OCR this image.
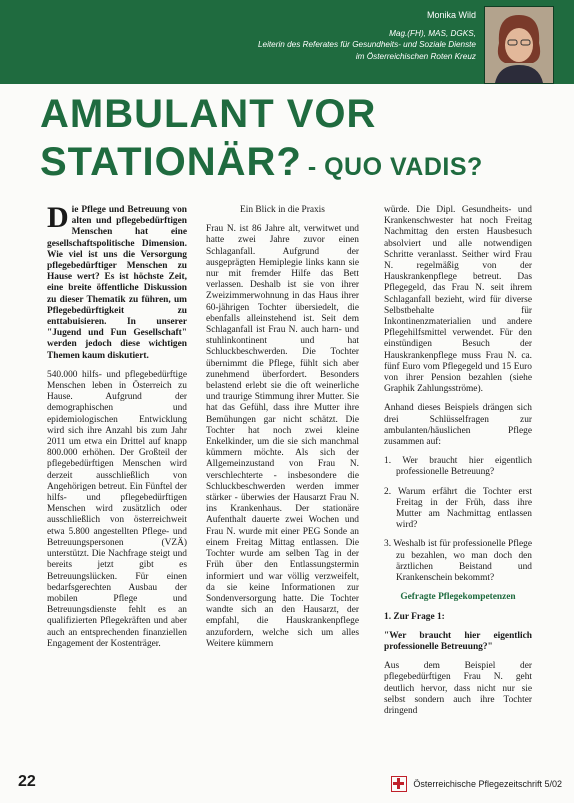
Monika Wild
Mag.(FH), MAS, DGKS,
Leiterin des Referates für Gesundheits- und Soziale Dienste
im Österreichischen Roten Kreuz
AMBULANT VOR
STATIONÄR? - QUO VADIS?

Die Pflege und Betreuung von alten und pflegebedürftigen Menschen hat eine gesellschaftspolitische Dimension. Wie viel ist uns die Versorgung pflegebedürftiger Menschen zu Hause wert? Es ist höchste Zeit, eine breite öffentliche Diskussion zu dieser Thematik zu führen, um Pflegebedürftigkeit zu enttabuisieren. In unserer "Jugend und Fun Gesellschaft" werden jedoch diese wichtigen Themen kaum diskutiert.

540.000 hilfs- und pflegebedürftige Menschen leben in Österreich zu Hause. Aufgrund der demographischen und epidemiologischen Entwicklung wird sich ihre Anzahl bis zum Jahr 2011 um etwa ein Drittel auf knapp 800.000 erhöhen. Der Großteil der pflegebedürftigen Menschen wird derzeit ausschließlich von Angehörigen betreut. Ein Fünftel der hilfs- und pflegebedürftigen Menschen wird zusätzlich oder ausschließlich von österreichweit etwa 5.800 angestellten Pflege- und Betreuungspersonen (VZÄ) unterstützt. Die Nachfrage steigt und bereits jetzt gibt es Betreuungslücken. Für einen bedarfsgerechten Ausbau der mobilen Pflege und Betreuungsdienste fehlt es an qualifizierten Pflegekräften und aber auch an entsprechenden finanziellen Engagement der Kostenträger.

Ein Blick in die Praxis

Frau N. ist 86 Jahre alt, verwitwet und hatte zwei Jahre zuvor einen Schlaganfall. Aufgrund der ausgeprägten Hemiplegie links kann sie nur mit fremder Hilfe das Bett verlassen. Deshalb ist sie von ihrer Zweizimmerwohnung in das Haus ihrer 60-jährigen Tochter übersiedelt, die ebenfalls alleinstehend ist. Seit dem Schlaganfall ist Frau N. auch harn- und stuhlinkontinent und hat Schluckbeschwerden. Die Tochter übernimmt die Pflege, fühlt sich aber zunehmend überfordert. Besonders belastend erlebt sie die oft weinerliche und traurige Stimmung ihrer Mutter. Sie hat das Gefühl, dass ihre Mutter ihre Bemühungen gar nicht schätzt. Die Tochter hat noch zwei kleine Enkelkinder, um die sie sich manchmal kümmern möchte. Als sich der Allgemeinzustand von Frau N. verschlechterte - insbesondere die Schluckbeschwerden werden immer stärker - überwies der Hausarzt Frau N. ins Krankenhaus. Der stationäre Aufenthalt dauerte zwei Wochen und Frau N. wurde mit einer PEG Sonde an einem Freitag Mittag entlassen. Die Tochter wurde am selben Tag in der Früh über den Entlassungstermin informiert und war völlig verzweifelt, da sie keine Informationen zur Sondenversorgung hatte. Die Tochter wandte sich an den Hausarzt, der empfahl, die Hauskrankenpflege anzufordern, welche sich um alles Weitere kümmern

würde. Die Dipl. Gesundheits- und Krankenschwester hat noch Freitag Nachmittag den ersten Hausbesuch absolviert und alle notwendigen Schritte veranlasst. Seither wird Frau N. regelmäßig von der Hauskrankenpflege betreut. Das Pflegegeld, das Frau N. seit ihrem Schlaganfall bezieht, wird für diverse Selbstbehalte für Inkontinenzmaterialien und andere Pflegehilfsmittel verwendet. Für den einstündigen Besuch der Hauskrankenpflege muss Frau N. ca. fünf Euro vom Pflegegeld und 15 Euro von ihrer Pension bezahlen (siehe Graphik Zahlungsströme).

Anhand dieses Beispiels drängen sich drei Schlüsselfragen zur ambulanten/häuslichen Pflege zusammen auf:

1. Wer braucht hier eigentlich professionelle Betreuung?

2. Warum erfährt die Tochter erst Freitag in der Früh, dass ihre Mutter am Nachmittag entlassen wird?

3. Weshalb ist für professionelle Pflege zu bezahlen, wo man doch den ärztlichen Beistand und Krankenschein bekommt?

Gefragte Pflegekompetenzen

1. Zur Frage 1:

"Wer braucht hier eigentlich professionelle Betreuung?"

Aus dem Beispiel der pflegebedürftigen Frau N. geht deutlich hervor, dass nicht nur sie selbst sondern auch ihre Tochter dringend

22	Österreichische Pflegezeitschrift 5/02
